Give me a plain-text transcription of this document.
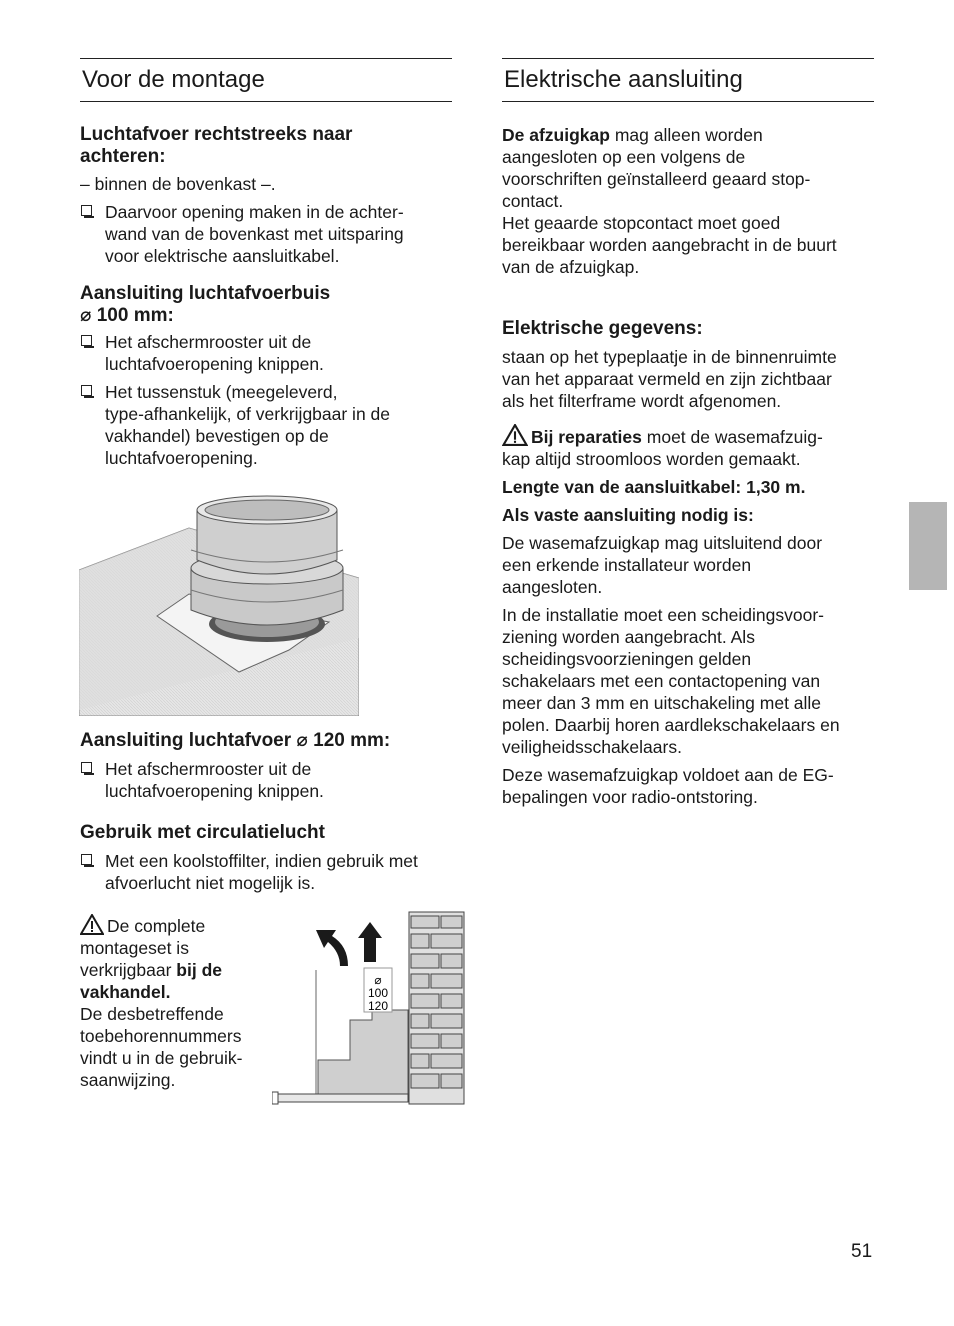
Voor de montage

Luchtafvoer rechtstreeks naar
achteren:

– binnen de bovenkast –.

Daarvoor opening maken in de achter-
wand van de bovenkast met uitsparing
voor elektrische aansluitkabel.

Aansluiting luchtafvoerbuis
⌀ 100 mm:

Het afschermrooster uit de
luchtafvoeropening knippen.

Het tussenstuk (meegeleverd,
type-afhankelijk, of verkrijgbaar in de
vakhandel) bevestigen op de
luchtafvoeropening.

Aansluiting luchtafvoer ⌀ 120 mm:

Het afschermrooster uit de
luchtafvoeropening knippen.

Gebruik met circulatielucht

Met een koolstoffilter, indien gebruik met
afvoerlucht niet mogelijk is.

De complete
montageset is
verkrijgbaar bij de
vakhandel.
De desbetreffende
toebehorennummers
vindt u in de gebruik-
saanwijzing.

⌀
100
120
Elektrische aansluiting

De afzuigkap mag alleen worden
aangesloten op een volgens de
voorschriften geïnstalleerd geaard stop-
contact.
Het geaarde stopcontact moet goed
bereikbaar worden aangebracht in de buurt
van de afzuigkap.

Elektrische gegevens:

staan op het typeplaatje in de binnenruimte
van het apparaat vermeld en zijn zichtbaar
als het filterframe wordt afgenomen.

Bij reparaties moet de wasemafzuig-
kap altijd stroomloos worden gemaakt.

Lengte van de aansluitkabel: 1,30 m.

Als vaste aansluiting nodig is:

De wasemafzuigkap mag uitsluitend door
een erkende installateur worden
aangesloten.

In de installatie moet een scheidingsvoor-
ziening worden aangebracht. Als
scheidingsvoorzieningen gelden
schakelaars met een contactopening van
meer dan 3 mm en uitschakeling met alle
polen. Daarbij horen aardlekschakelaars en
veiligheidsschakelaars.

Deze wasemafzuigkap voldoet aan de EG-
bepalingen voor radio-ontstoring.

51
